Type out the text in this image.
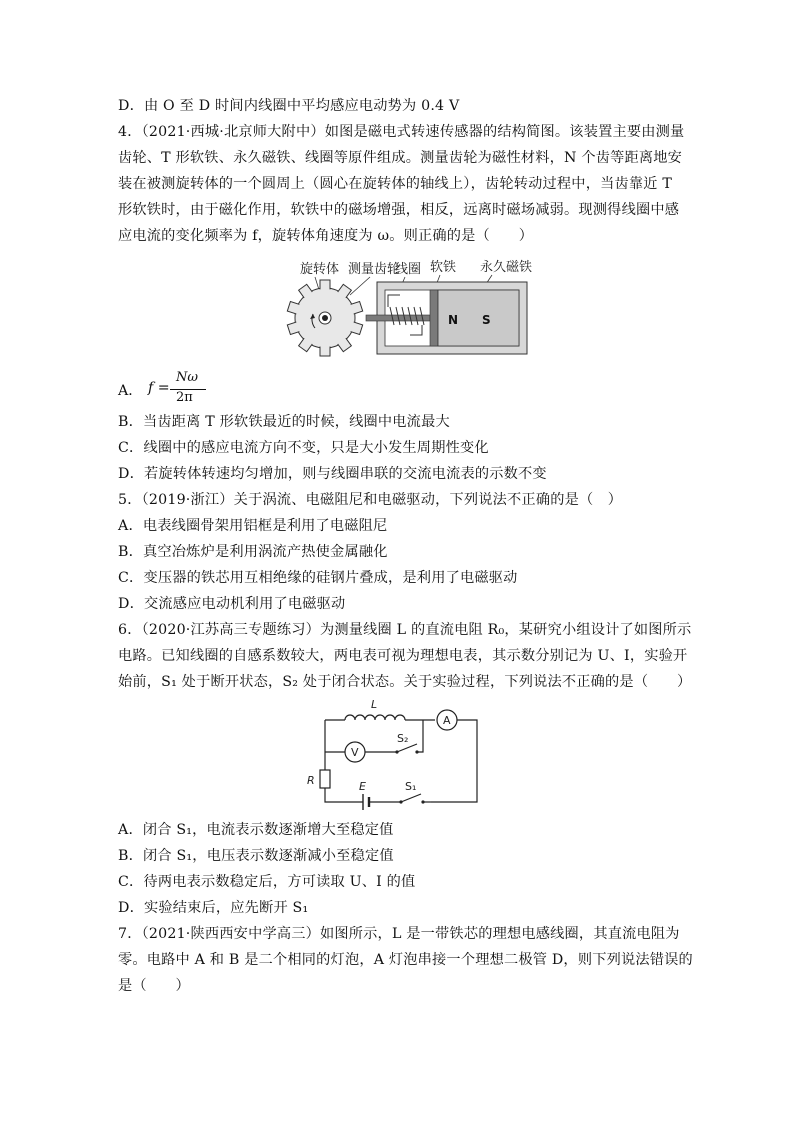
D．由 O 至 D 时间内线圈中平均感应电动势为 0.4 V
4．（2021·西城·北京师大附中）如图是磁电式转速传感器的结构简图。该装置主要由测量
齿轮、T 形软铁、永久磁铁、线圈等原件组成。测量齿轮为磁性材料，N 个齿等距离地安
装在被测旋转体的一个圆周上（圆心在旋转体的轴线上），齿轮转动过程中，当齿靠近 T
形软铁时，由于磁化作用，软铁中的磁场增强，相反，远离时磁场减弱。现测得线圈中感
应电流的变化频率为 f，旋转体角速度为 ω。则正确的是（　　）
旋转体 测量齿轮
线圈 软铁 永久磁铁
N S
A． f =
Nω
2π
B．当齿距离 T 形软铁最近的时候，线圈中电流最大
C．线圈中的感应电流方向不变，只是大小发生周期性变化
D．若旋转体转速均匀增加，则与线圈串联的交流电流表的示数不变
5．（2019·浙江）关于涡流、电磁阻尼和电磁驱动，下列说法不正确的是（　）
A．电表线圈骨架用铝框是利用了电磁阻尼
B．真空冶炼炉是利用涡流产热使金属融化
C．变压器的铁芯用互相绝缘的硅钢片叠成，是利用了电磁驱动
D．交流感应电动机利用了电磁驱动
6．（2020·江苏高三专题练习）为测量线圈 L 的直流电阻 R₀，某研究小组设计了如图所示
电路。已知线圈的自感系数较大，两电表可视为理想电表，其示数分别记为 U、I，实验开
始前，S₁ 处于断开状态，S₂ 处于闭合状态。关于实验过程，下列说法不正确的是（　　）
L
A
V
S₂
R	E	S₁
A．闭合 S₁，电流表示数逐渐增大至稳定值
B．闭合 S₁，电压表示数逐渐减小至稳定值
C．待两电表示数稳定后，方可读取 U、I 的值
D．实验结束后，应先断开 S₁
7．（2021·陕西西安中学高三）如图所示，L 是一带铁芯的理想电感线圈，其直流电阻为
零。电路中 A 和 B 是二个相同的灯泡，A 灯泡串接一个理想二极管 D，则下列说法错误的
是（　　）
